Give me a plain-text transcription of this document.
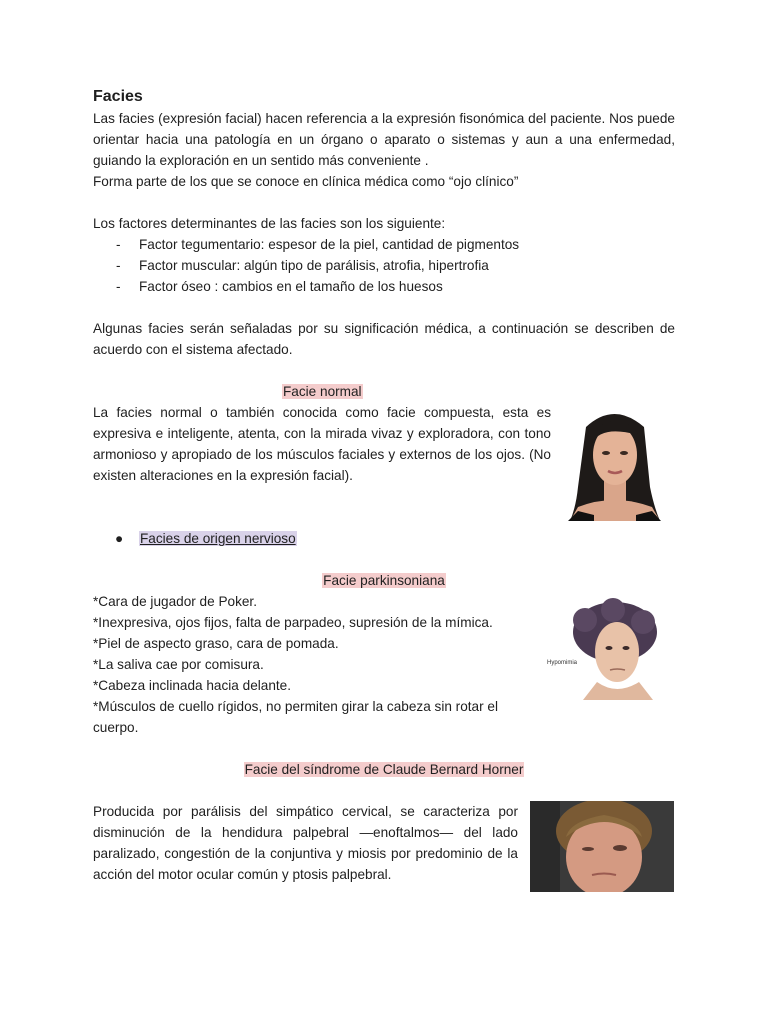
Facies

Las facies (expresión facial) hacen referencia a la expresión fisonómica del paciente. Nos puede orientar hacia una patología en un órgano o aparato o sistemas y aun a una enfermedad, guiando la exploración en un sentido más conveniente .

Forma parte de los que se conoce en clínica médica como “ojo clínico”

Los factores determinantes de las facies son los siguiente:

- Factor tegumentario: espesor de la piel, cantidad de pigmentos
- Factor muscular: algún tipo de parálisis, atrofia, hipertrofia
- Factor óseo : cambios en el tamaño de los huesos

Algunas facies serán señaladas por su significación médica, a continuación se describen de acuerdo con el sistema afectado.

Facie normal

La facies normal o también conocida como facie compuesta, esta es expresiva e inteligente, atenta, con la mirada vivaz y exploradora, con tono armonioso y apropiado de los músculos faciales y externos de los ojos. (No existen alteraciones en la expresión facial).

● Facies de origen nervioso

Facie parkinsoniana

*Cara de jugador de Poker.

*Inexpresiva, ojos fijos, falta de parpadeo, supresión de la mímica.

*Piel de aspecto graso, cara de pomada.

*La saliva cae por comisura.

*Cabeza inclinada hacia delante.

*Músculos de cuello rígidos, no permiten girar la cabeza sin rotar el cuerpo.

Hypomimia

Facie del síndrome de Claude Bernard Horner

Producida por parálisis del simpático cervical, se caracteriza por disminución de la hendidura palpebral —enoftalmos— del lado paralizado, congestión de la conjuntiva y miosis por predominio de la acción del motor ocular común y ptosis palpebral.
